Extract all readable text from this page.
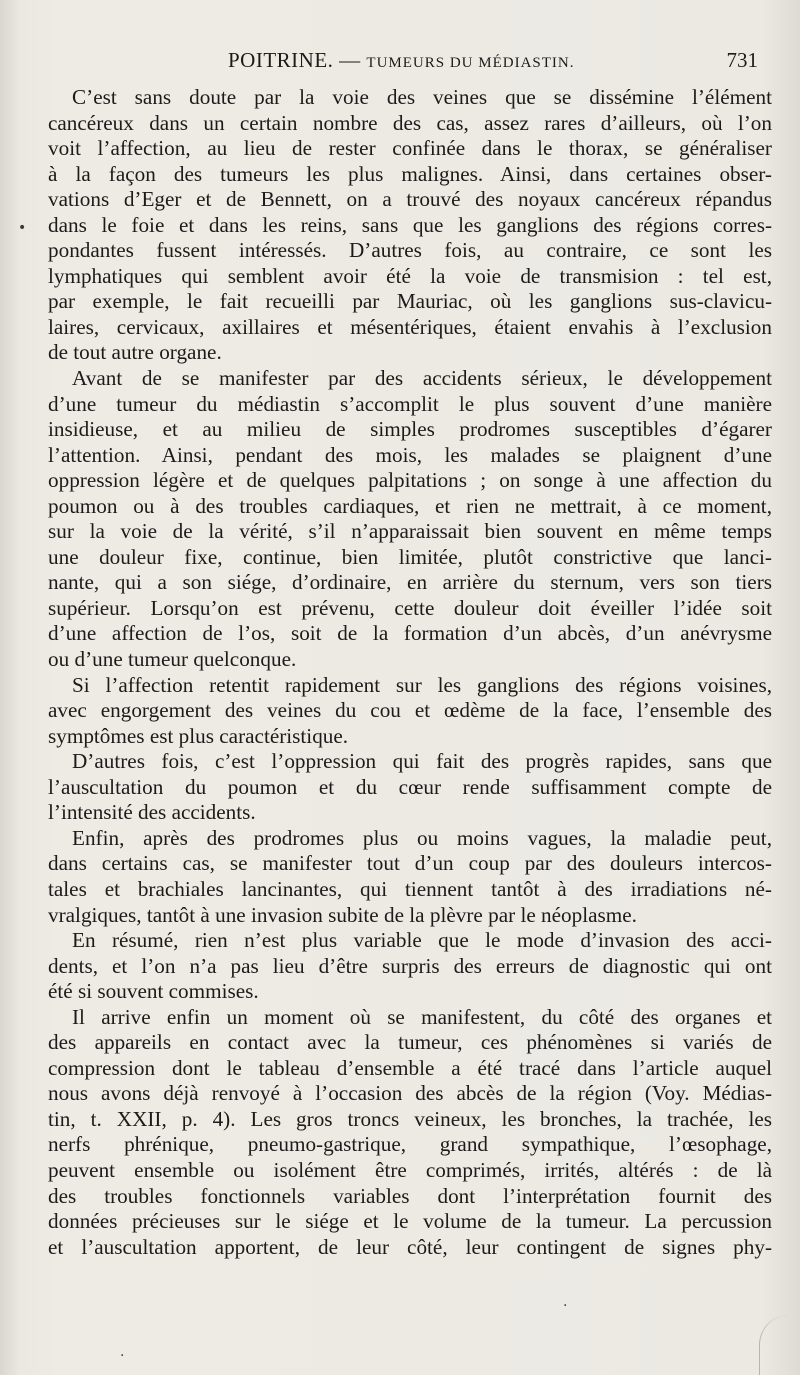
POITRINE. — TUMEURS DU MÉDIASTIN.	731
C’est sans doute par la voie des veines que se dissémine l’élément
cancéreux dans un certain nombre des cas, assez rares d’ailleurs, où l’on
voit l’affection, au lieu de rester confinée dans le thorax, se généraliser
à la façon des tumeurs les plus malignes. Ainsi, dans certaines obser-
vations d’Eger et de Bennett, on a trouvé des noyaux cancéreux répandus
dans le foie et dans les reins, sans que les ganglions des régions corres-
pondantes fussent intéressés. D’autres fois, au contraire, ce sont les
lymphatiques qui semblent avoir été la voie de transmision : tel est,
par exemple, le fait recueilli par Mauriac, où les ganglions sus-clavicu-
laires, cervicaux, axillaires et mésentériques, étaient envahis à l’exclusion
de tout autre organe.
Avant de se manifester par des accidents sérieux, le développement
d’une tumeur du médiastin s’accomplit le plus souvent d’une manière
insidieuse, et au milieu de simples prodromes susceptibles d’égarer
l’attention. Ainsi, pendant des mois, les malades se plaignent d’une
oppression légère et de quelques palpitations ; on songe à une affection du
poumon ou à des troubles cardiaques, et rien ne mettrait, à ce moment,
sur la voie de la vérité, s’il n’apparaissait bien souvent en même temps
une douleur fixe, continue, bien limitée, plutôt constrictive que lanci-
nante, qui a son siége, d’ordinaire, en arrière du sternum, vers son tiers
supérieur. Lorsqu’on est prévenu, cette douleur doit éveiller l’idée soit
d’une affection de l’os, soit de la formation d’un abcès, d’un anévrysme
ou d’une tumeur quelconque.
Si l’affection retentit rapidement sur les ganglions des régions voisines,
avec engorgement des veines du cou et œdème de la face, l’ensemble des
symptômes est plus caractéristique.
D’autres fois, c’est l’oppression qui fait des progrès rapides, sans que
l’auscultation du poumon et du cœur rende suffisamment compte de
l’intensité des accidents.
Enfin, après des prodromes plus ou moins vagues, la maladie peut,
dans certains cas, se manifester tout d’un coup par des douleurs intercos-
tales et brachiales lancinantes, qui tiennent tantôt à des irradiations né-
vralgiques, tantôt à une invasion subite de la plèvre par le néoplasme.
En résumé, rien n’est plus variable que le mode d’invasion des acci-
dents, et l’on n’a pas lieu d’être surpris des erreurs de diagnostic qui ont
été si souvent commises.
Il arrive enfin un moment où se manifestent, du côté des organes et
des appareils en contact avec la tumeur, ces phénomènes si variés de
compression dont le tableau d’ensemble a été tracé dans l’article auquel
nous avons déjà renvoyé à l’occasion des abcès de la région (Voy. Médias-
tin, t. XXII, p. 4). Les gros troncs veineux, les bronches, la trachée, les
nerfs phrénique, pneumo-gastrique, grand sympathique, l’œsophage,
peuvent ensemble ou isolément être comprimés, irrités, altérés : de là
des troubles fonctionnels variables dont l’interprétation fournit des
données précieuses sur le siége et le volume de la tumeur. La percussion
et l’auscultation apportent, de leur côté, leur contingent de signes phy-
•
·
·
